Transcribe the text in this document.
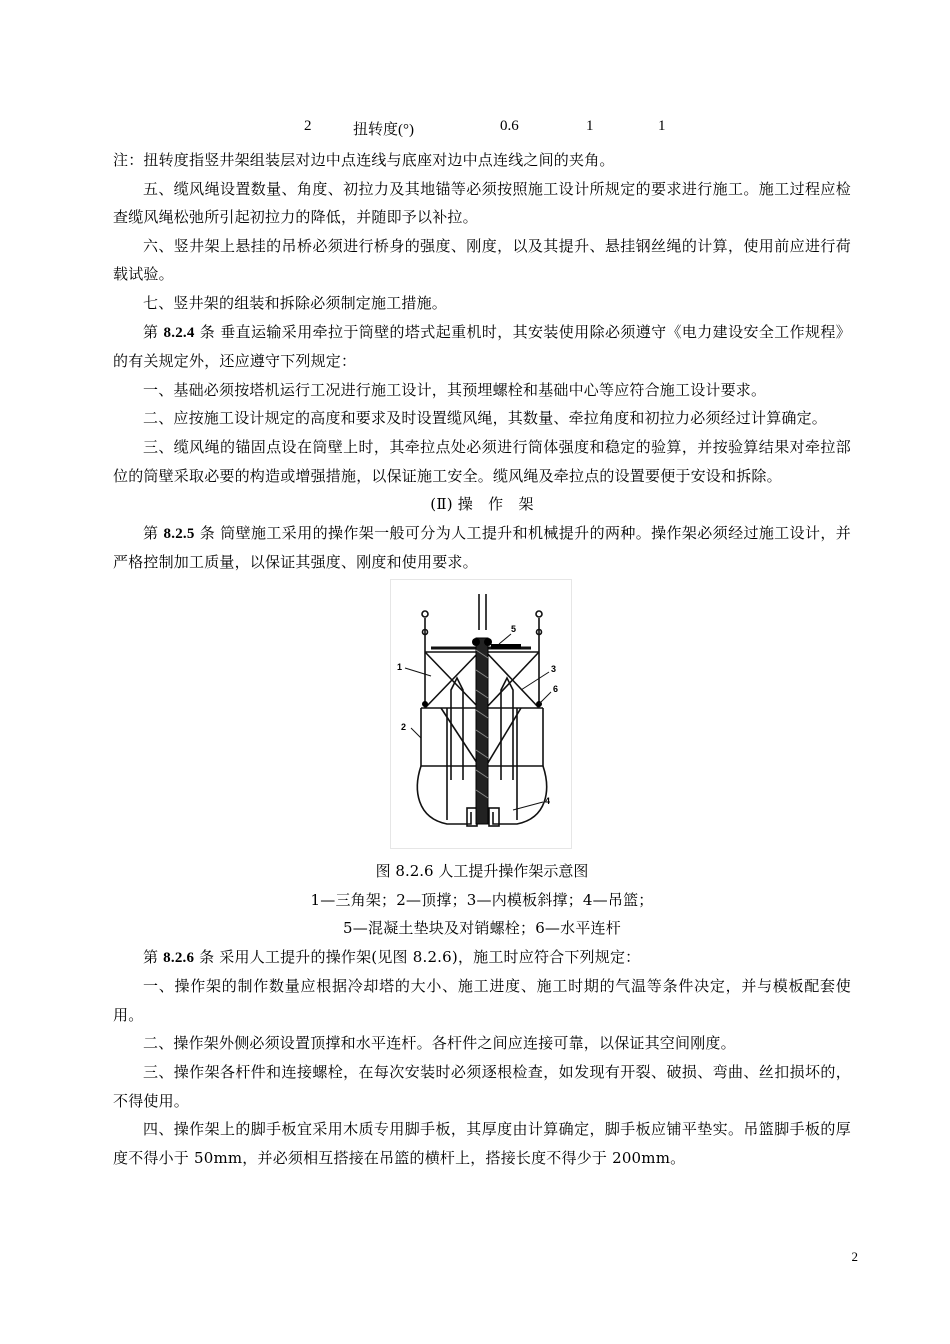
2	扭转度(°)	0.6	1	1

注：扭转度指竖井架组装层对边中点连线与底座对边中点连线之间的夹角。

五、缆风绳设置数量、角度、初拉力及其地锚等必须按照施工设计所规定的要求进行施工。施工过程应检查缆风绳松弛所引起初拉力的降低，并随即予以补拉。

六、竖井架上悬挂的吊桥必须进行桥身的强度、刚度，以及其提升、悬挂钢丝绳的计算，使用前应进行荷载试验。

七、竖井架的组装和拆除必须制定施工措施。

第 8.2.4 条 垂直运输采用牵拉于筒壁的塔式起重机时，其安装使用除必须遵守《电力建设安全工作规程》的有关规定外，还应遵守下列规定：

一、基础必须按塔机运行工况进行施工设计，其预埋螺栓和基础中心等应符合施工设计要求。

二、应按施工设计规定的高度和要求及时设置缆风绳，其数量、牵拉角度和初拉力必须经过计算确定。

三、缆风绳的锚固点设在筒壁上时，其牵拉点处必须进行筒体强度和稳定的验算，并按验算结果对牵拉部位的筒壁采取必要的构造或增强措施，以保证施工安全。缆风绳及牵拉点的设置要便于安设和拆除。

(Ⅱ) 操　作　架

第 8.2.5 条 筒壁施工采用的操作架一般可分为人工提升和机械提升的两种。操作架必须经过施工设计，并严格控制加工质量，以保证其强度、刚度和使用要求。

1
2
3
4
5
6

图 8.2.6 人工提升操作架示意图

1—三角架；2—顶撑；3—内模板斜撑；4—吊篮；

5—混凝土垫块及对销螺栓；6—水平连杆

第 8.2.6 条 采用人工提升的操作架(见图 8.2.6)，施工时应符合下列规定：

一、操作架的制作数量应根据冷却塔的大小、施工进度、施工时期的气温等条件决定，并与模板配套使用。

二、操作架外侧必须设置顶撑和水平连杆。各杆件之间应连接可靠，以保证其空间刚度。

三、操作架各杆件和连接螺栓，在每次安装时必须逐根检查，如发现有开裂、破损、弯曲、丝扣损坏的，不得使用。

四、操作架上的脚手板宜采用木质专用脚手板，其厚度由计算确定，脚手板应铺平垫实。吊篮脚手板的厚度不得小于 50mm，并必须相互搭接在吊篮的横杆上，搭接长度不得少于 200mm。

2
